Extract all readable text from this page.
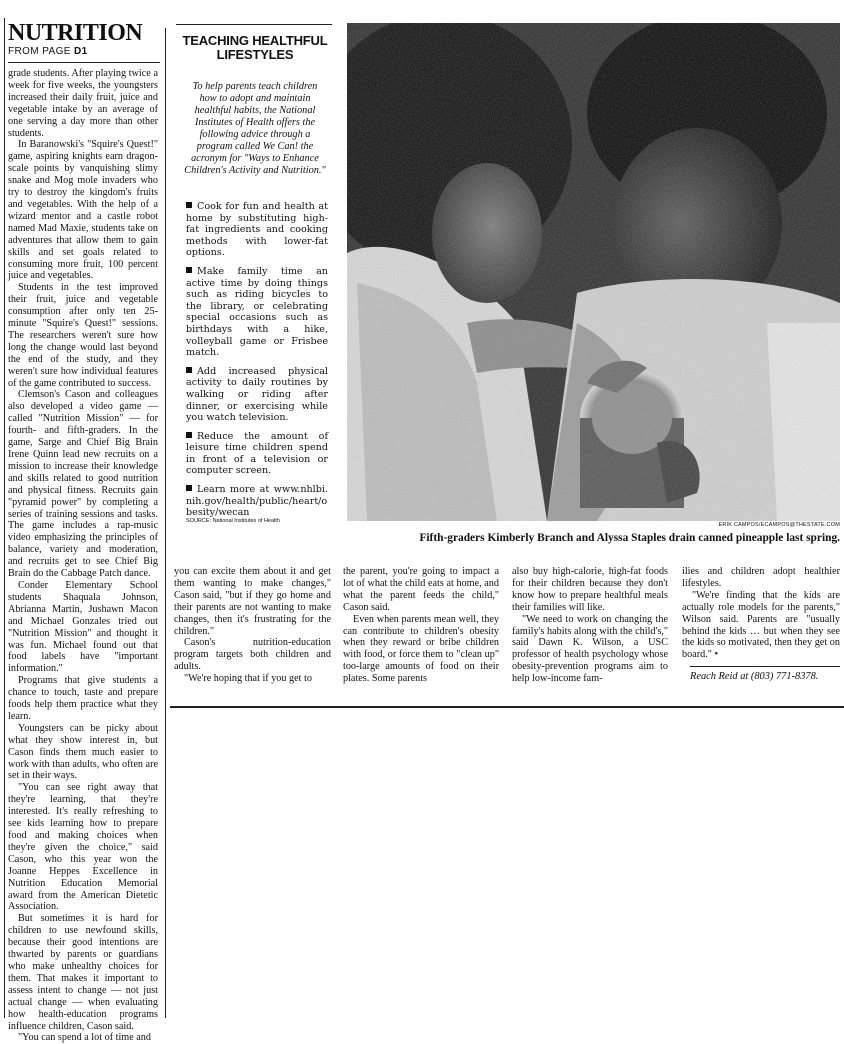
NUTRITION
FROM PAGE D1

grade students. After playing twice a week for five weeks, the youngsters increased their daily fruit, juice and vegetable intake by an average of one serving a day more than other students.

In Baranowski's "Squire's Quest!" game, aspiring knights earn dragon-scale points by vanquishing slimy snake and Mog mole invaders who try to destroy the kingdom's fruits and vegetables. With the help of a wizard mentor and a castle robot named Mad Maxie, students take on adventures that allow them to gain skills and set goals related to consuming more fruit, 100 percent juice and vegetables.

Students in the test improved their fruit, juice and vegetable consumption after only ten 25-minute "Squire's Quest!" sessions. The researchers weren't sure how long the change would last beyond the end of the study, and they weren't sure how individual features of the game contributed to success.

Clemson's Cason and colleagues also developed a video game — called "Nutrition Mission" — for fourth- and fifth-graders. In the game, Sarge and Chief Big Brain Irene Quinn lead new recruits on a mission to increase their knowledge and skills related to good nutrition and physical fitness. Recruits gain "pyramid power" by completing a series of training sessions and tasks. The game includes a rap-music video emphasizing the principles of balance, variety and moderation, and recruits get to see Chief Big Brain do the Cabbage Patch dance.

Conder Elementary School students Shaquala Johnson, Abrianna Martin, Jushawn Macon and Michael Gonzales tried out "Nutrition Mission" and thought it was fun. Michael found out that food labels have "important information."

Programs that give students a chance to touch, taste and prepare foods help them practice what they learn.

Youngsters can be picky about what they show interest in, but Cason finds them much easier to work with than adults, who often are set in their ways.

"You can see right away that they're learning, that they're interested. It's really refreshing to see kids learning how to prepare food and making choices when they're given the choice," said Cason, who this year won the Joanne Heppes Excellence in Nutrition Education Memorial award from the American Dietetic Association.

But sometimes it is hard for children to use newfound skills, because their good intentions are thwarted by parents or guardians who make unhealthy choices for them. That makes it important to assess intent to change — not just actual change — when evaluating how health-education programs influence children, Cason said.

"You can spend a lot of time and

TEACHING HEALTHFUL LIFESTYLES
To help parents teach children how to adopt and maintain healthful habits, the National Institutes of Health offers the following advice through a program called We Can! the acronym for "Ways to Enhance Children's Activity and Nutrition."
Cook for fun and health at home by substituting high-fat ingredients and cooking methods with lower-fat options.
Make family time an active time by doing things such as riding bicycles to the library, or celebrating special occasions such as birthdays with a hike, volleyball game or Frisbee match.
Add increased physical activity to daily routines by walking or riding after dinner, or exercising while you watch television.
Reduce the amount of leisure time children spend in front of a television or computer screen.
Learn more at www.nhlbi.nih.gov/health/public/heart/obesity/wecan
SOURCE: National Institutes of Health
ERIK CAMPOS/ECAMPOS@THESTATE.COM
Fifth-graders Kimberly Branch and Alyssa Staples drain canned pineapple last spring.

you can excite them about it and get them wanting to make changes," Cason said, "but if they go home and their parents are not wanting to make changes, then it's frustrating for the children."

Cason's nutrition-education program targets both children and adults.

"We're hoping that if you get to

the parent, you're going to impact a lot of what the child eats at home, and what the parent feeds the child," Cason said.

Even when parents mean well, they can contribute to children's obesity when they reward or bribe children with food, or force them to "clean up" too-large amounts of food on their plates. Some parents

also buy high-calorie, high-fat foods for their children because they don't know how to prepare healthful meals their families will like.

"We need to work on changing the family's habits along with the child's," said Dawn K. Wilson, a USC professor of health psychology whose obesity-prevention programs aim to help low-income fam-

ilies and children adopt healthier lifestyles.

"We're finding that the kids are actually role models for the parents," Wilson said. Parents are "usually behind the kids … but when they see the kids so motivated, then they get on board." •

Reach Reid at (803) 771-8378.
